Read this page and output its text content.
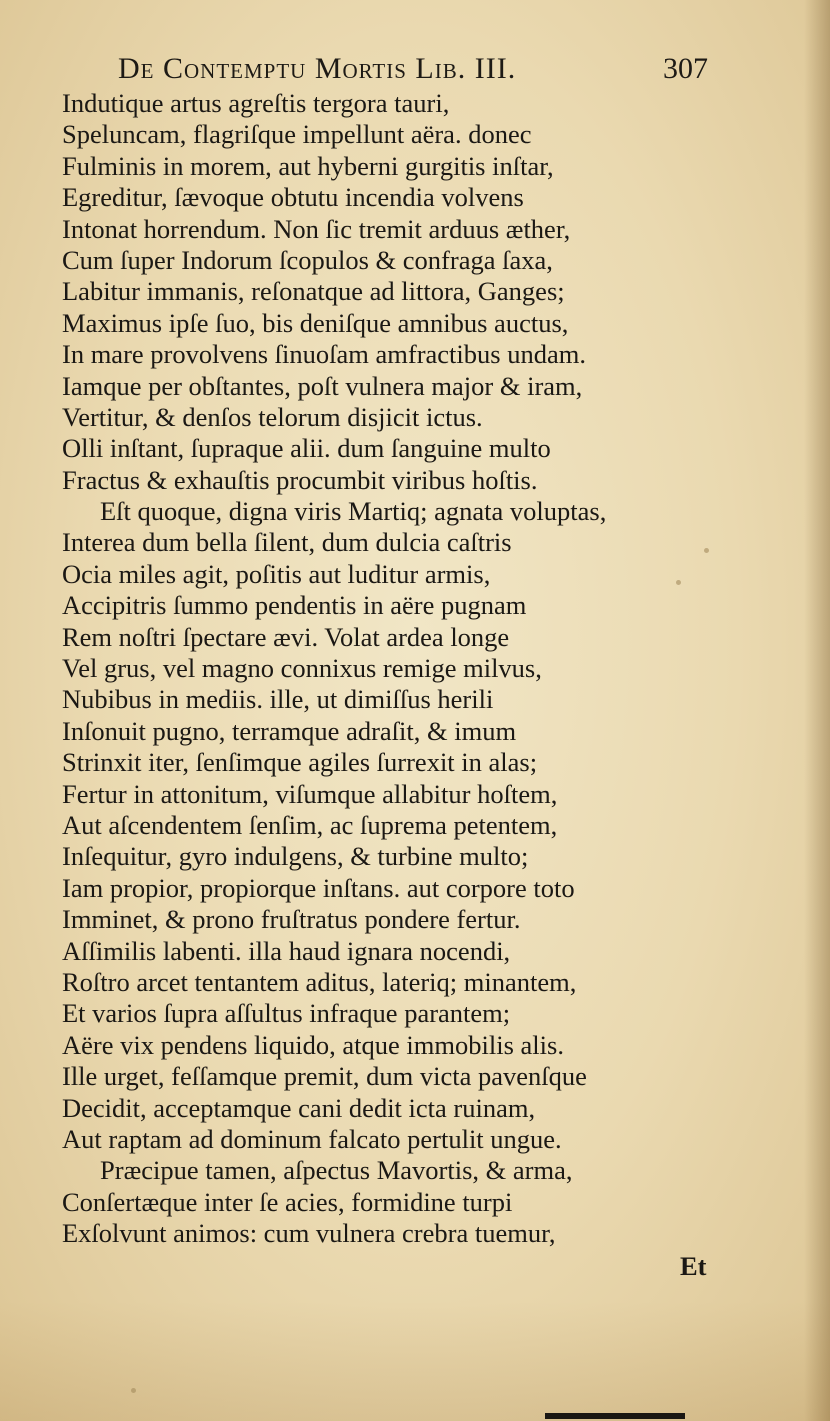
De Contemptu Mortis Lib. III.	307
Indutique artus agreſtis tergora tauri,
Speluncam, flagriſque impellunt aëra. donec
Fulminis in morem, aut hyberni gurgitis inſtar,
Egreditur, ſævoque obtutu incendia volvens
Intonat horrendum. Non ſic tremit arduus æther,
Cum ſuper Indorum ſcopulos & confraga ſaxa,
Labitur immanis, reſonatque ad littora, Ganges;
Maximus ipſe ſuo, bis deniſque amnibus auctus,
In mare provolvens ſinuoſam amfractibus undam.
Iamque per obſtantes, poſt vulnera major & iram,
Vertitur, & denſos telorum disjicit ictus.
Olli inſtant, ſupraque alii. dum ſanguine multo
Fractus & exhauſtis procumbit viribus hoſtis.
Eſt quoque, digna viris Martiq; agnata voluptas,
Interea dum bella ſilent, dum dulcia caſtris
Ocia miles agit, poſitis aut luditur armis,
Accipitris ſummo pendentis in aëre pugnam
Rem noſtri ſpectare ævi. Volat ardea longe
Vel grus, vel magno connixus remige milvus,
Nubibus in mediis. ille, ut dimiſſus herili
Inſonuit pugno, terramque adraſit, & imum
Strinxit iter, ſenſimque agiles ſurrexit in alas;
Fertur in attonitum, viſumque allabitur hoſtem,
Aut aſcendentem ſenſim, ac ſuprema petentem,
Inſequitur, gyro indulgens, & turbine multo;
Iam propior, propiorque inſtans. aut corpore toto
Imminet, & prono fruſtratus pondere fertur.
Aſſimilis labenti. illa haud ignara nocendi,
Roſtro arcet tentantem aditus, lateriq; minantem,
Et varios ſupra aſſultus infraque parantem;
Aëre vix pendens liquido, atque immobilis alis.
Ille urget, feſſamque premit, dum victa pavenſque
Decidit, acceptamque cani dedit icta ruinam,
Aut raptam ad dominum falcato pertulit ungue.
Præcipue tamen, aſpectus Mavortis, & arma,
Conſertæque inter ſe acies, formidine turpi
Exſolvunt animos: cum vulnera crebra tuemur,
Et
